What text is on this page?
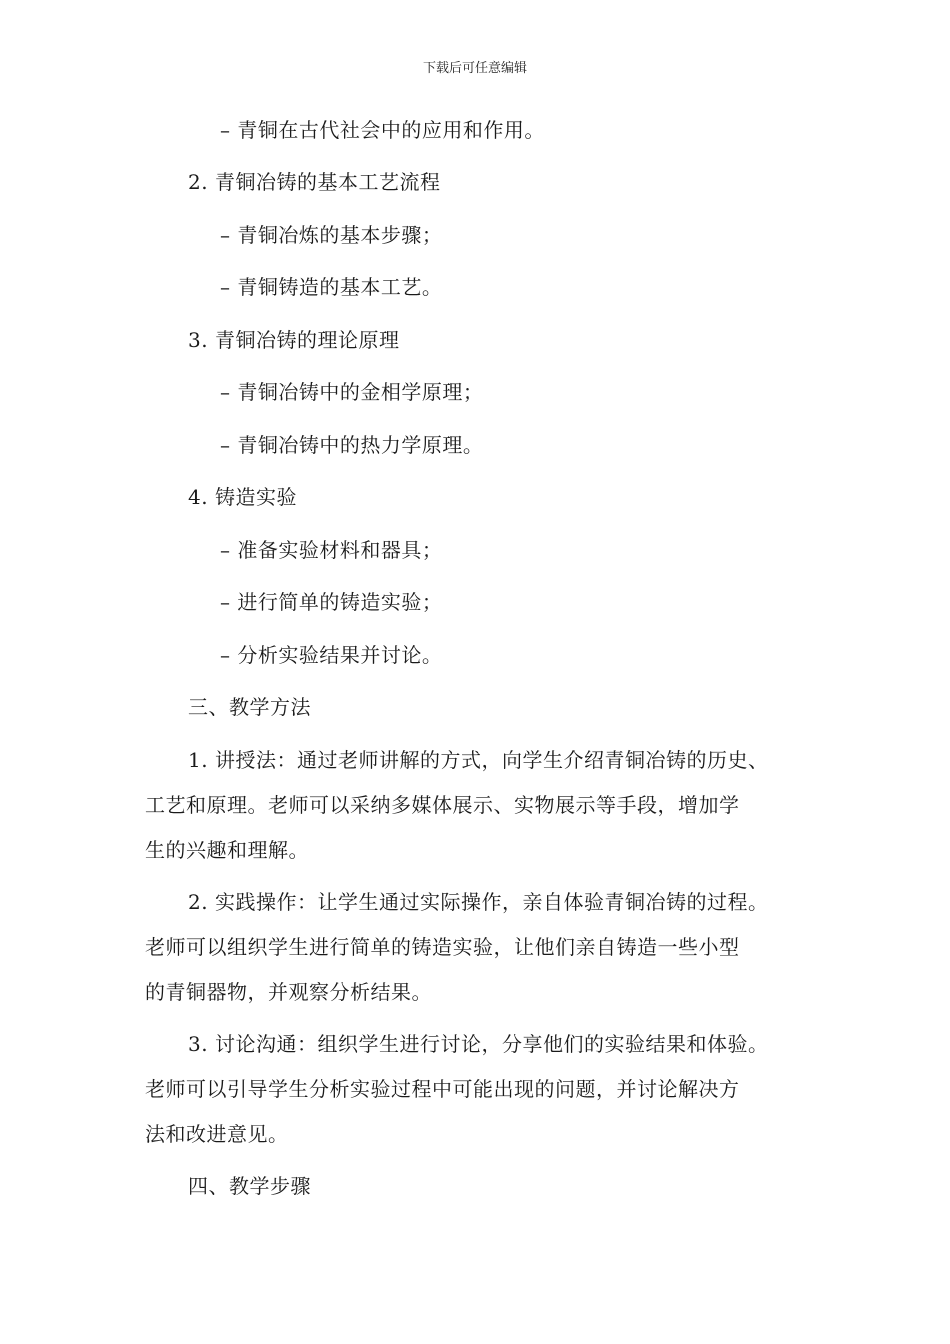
下载后可任意编辑
– 青铜在古代社会中的应用和作用。
2. 青铜冶铸的基本工艺流程
– 青铜冶炼的基本步骤；
– 青铜铸造的基本工艺。
3. 青铜冶铸的理论原理
– 青铜冶铸中的金相学原理；
– 青铜冶铸中的热力学原理。
4. 铸造实验
– 准备实验材料和器具；
– 进行简单的铸造实验；
– 分析实验结果并讨论。
三、教学方法
1. 讲授法：通过老师讲解的方式，向学生介绍青铜冶铸的历史、
工艺和原理。老师可以采纳多媒体展示、实物展示等手段，增加学
生的兴趣和理解。
2. 实践操作：让学生通过实际操作，亲自体验青铜冶铸的过程。
老师可以组织学生进行简单的铸造实验，让他们亲自铸造一些小型
的青铜器物，并观察分析结果。
3. 讨论沟通：组织学生进行讨论，分享他们的实验结果和体验。
老师可以引导学生分析实验过程中可能出现的问题，并讨论解决方
法和改进意见。
四、教学步骤
